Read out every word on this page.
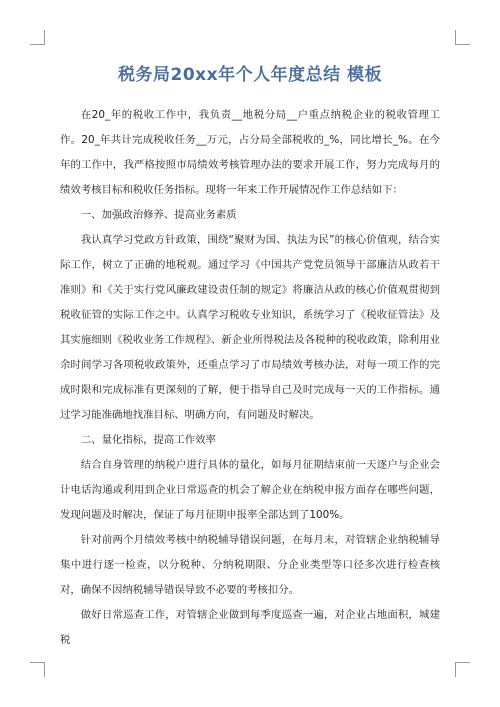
税务局20xx年个人年度总结 模板

在20_年的税收工作中，我负责__地税分局__户重点纳税企业的税收管理工作。20_年共计完成税收任务__万元，占分局全部税收的_%，同比增长_%。在今年的工作中，我严格按照市局绩效考核管理办法的要求开展工作，努力完成每月的绩效考核目标和税收任务指标。现将一年来工作开展情况作工作总结如下：

一、加强政治修养、提高业务素质

我认真学习党政方针政策，围绕“聚财为国、执法为民”的核心价值观，结合实际工作，树立了正确的地税观。通过学习《中国共产党党员领导干部廉洁从政若干准则》和《关于实行党风廉政建设责任制的规定》将廉洁从政的核心价值观贯彻到税收征管的实际工作之中。认真学习税收专业知识，系统学习了《税收征管法》及其实施细则《税收业务工作规程》、新企业所得税法及各税种的税收政策，除利用业余时间学习各项税收政策外，还重点学习了市局绩效考核办法，对每一项工作的完成时限和完成标准有更深刻的了解，便于指导自己及时完成每一天的工作指标。通过学习能准确地找准目标、明确方向，有问题及时解决。

二、量化指标，提高工作效率

结合自身管理的纳税户进行具体的量化，如每月征期结束前一天逐户与企业会计电话沟通或利用到企业日常巡查的机会了解企业在纳税申报方面存在哪些问题，发现问题及时解决，保证了每月征期申报率全部达到了100%。

针对前两个月绩效考核中纳税辅导错误问题，在每月末，对管辖企业纳税辅导集中进行逐一检查，以分税种、分纳税期限、分企业类型等口径多次进行检查核对，确保不因纳税辅导错误导致不必要的考核扣分。

做好日常巡查工作，对管辖企业做到每季度巡查一遍，对企业占地面积，城建税
